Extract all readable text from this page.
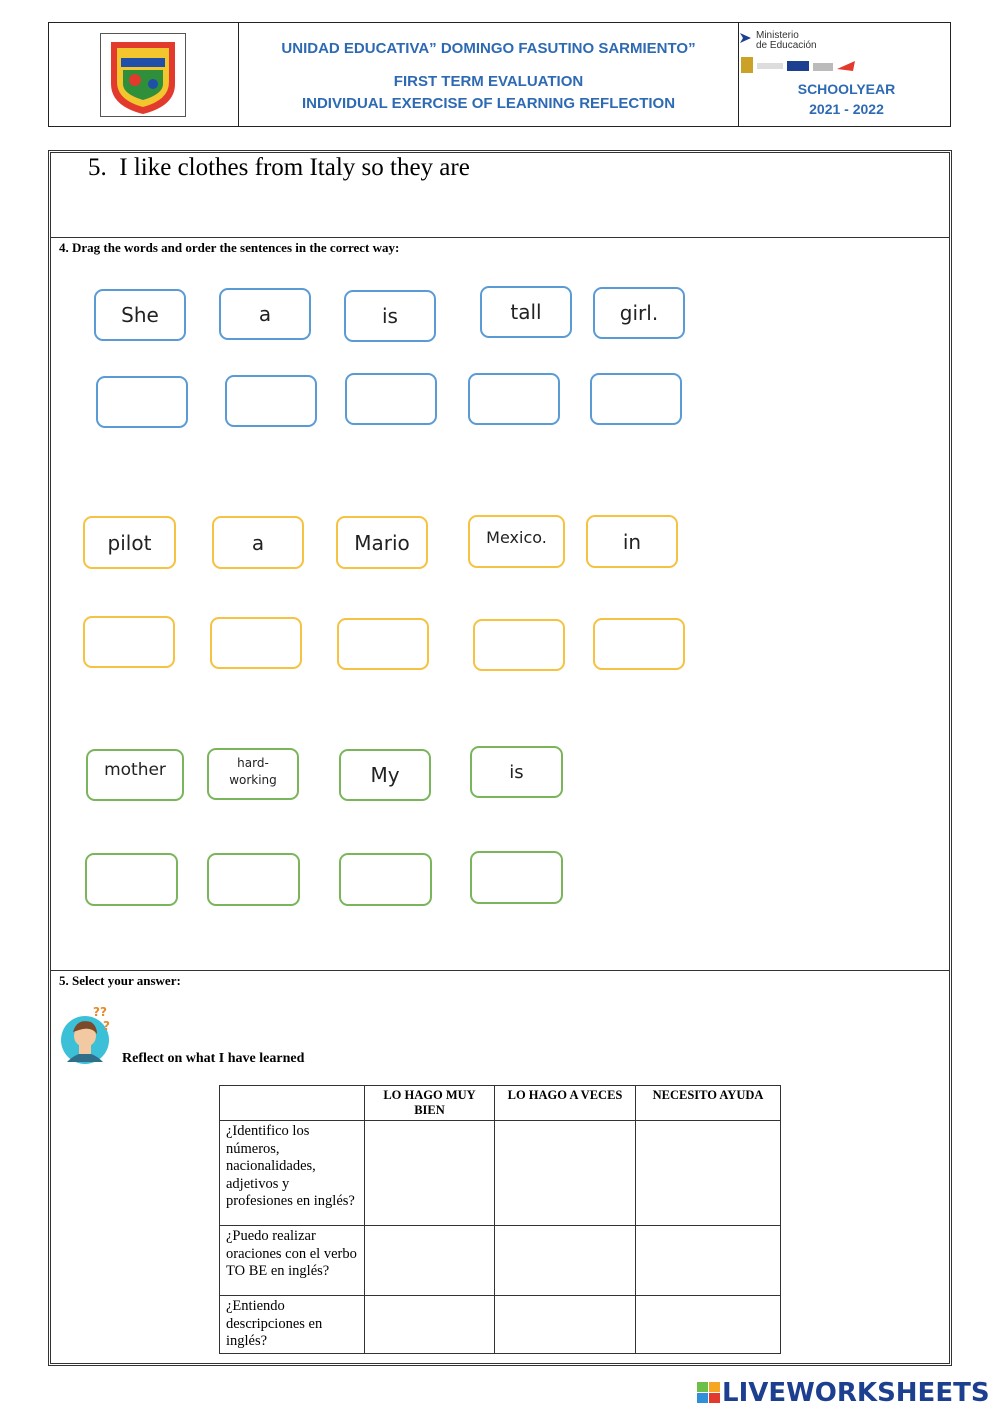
UNIDAD EDUCATIVA” DOMINGO FASUTINO SARMIENTO”
FIRST TERM EVALUATION
INDIVIDUAL EXERCISE OF LEARNING REFLECTION
Ministerio
de Educación
SCHOOLYEAR
2021 - 2022
5. I like clothes from Italy so they are
4. Drag the words and order the sentences in the correct way:
She	a	is	tall	girl.
pilot	a	Mario	Mexico.	in
mother	hard-working	My	is
5. Select your answer:
??
?
Reflect on what I have learned
	LO HAGO MUY BIEN	LO HAGO A VECES	NECESITO AYUDA
¿Identifico los números, nacionalidades, adjetivos y profesiones en inglés?			
¿Puedo realizar oraciones con el verbo TO BE en inglés?			
¿Entiendo descripciones en inglés?			
LIVEWORKSHEETS
